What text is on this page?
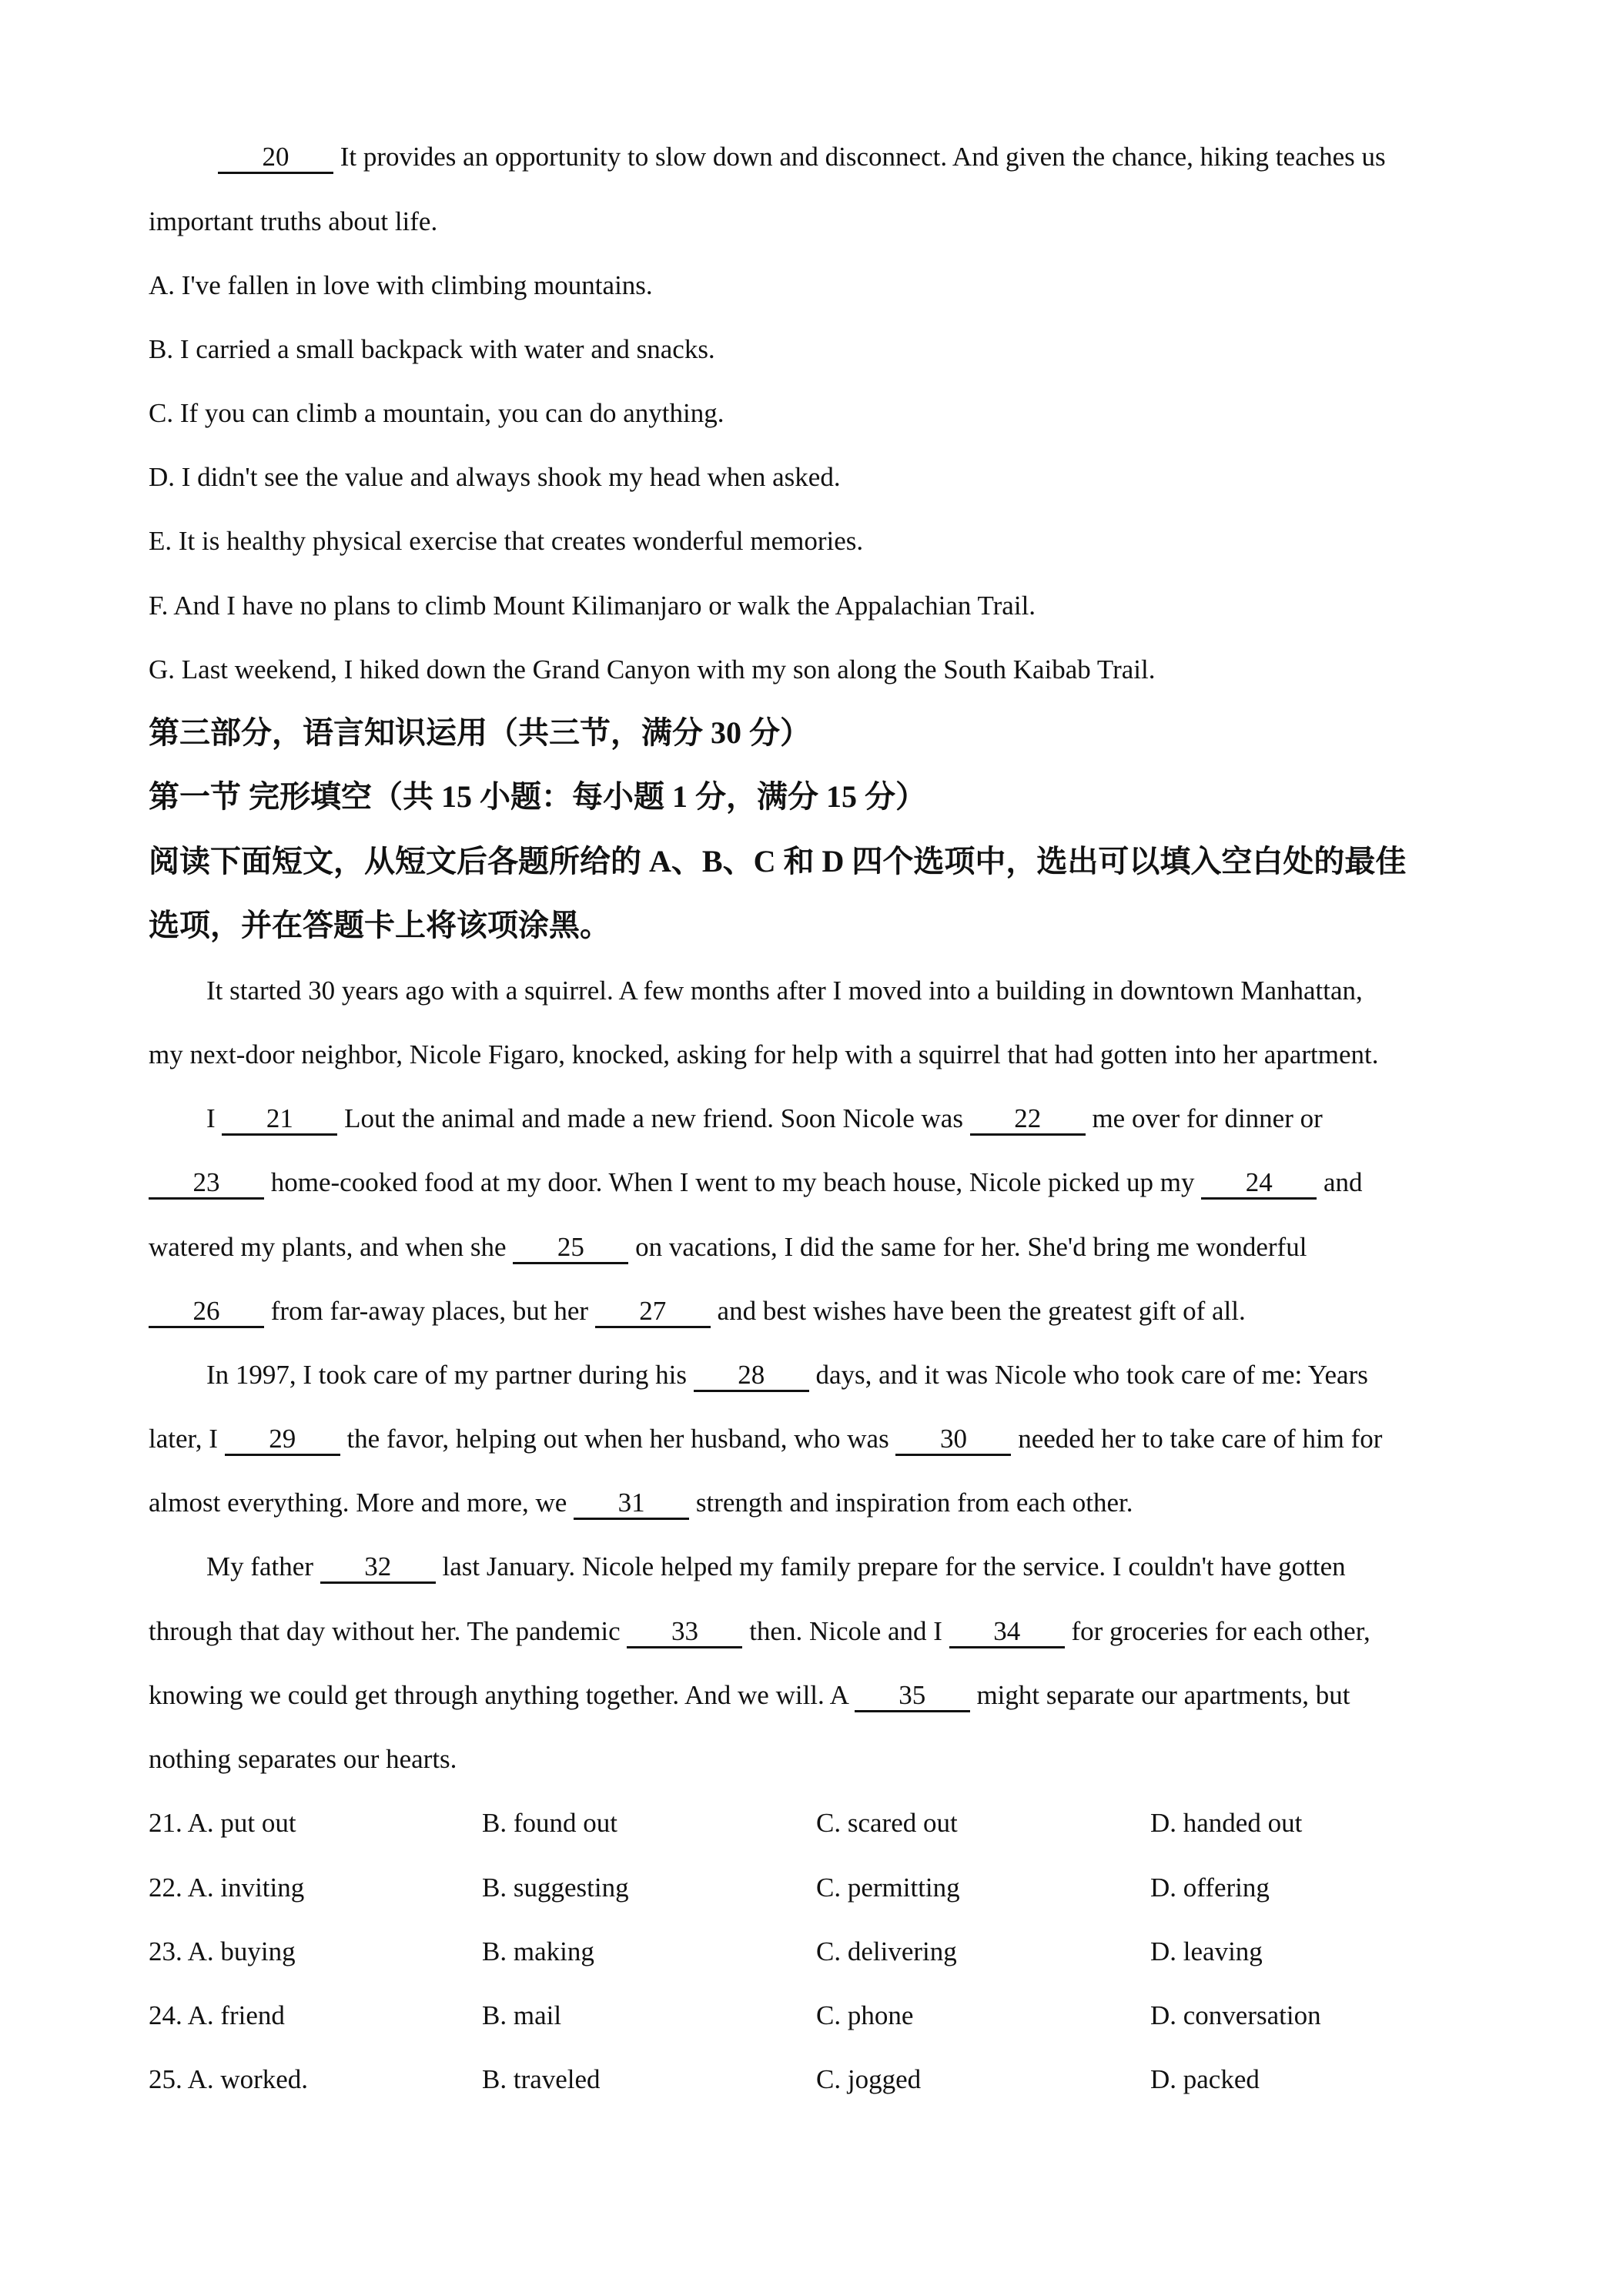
20 It provides an opportunity to slow down and disconnect. And given the chance, hiking teaches us
important truths about life.
A. I've fallen in love with climbing mountains.
B. I carried a small backpack with water and snacks.
C. If you can climb a mountain, you can do anything.
D. I didn't see the value and always shook my head when asked.
E. It is healthy physical exercise that creates wonderful memories.
F. And I have no plans to climb Mount Kilimanjaro or walk the Appalachian Trail.
G. Last weekend, I hiked down the Grand Canyon with my son along the South Kaibab Trail.
第三部分，语言知识运用（共三节，满分 30 分）
第一节 完形填空（共 15 小题：每小题 1 分，满分 15 分）
阅读下面短文，从短文后各题所给的 A、B、C 和 D 四个选项中，选出可以填入空白处的最佳
选项，并在答题卡上将该项涂黑。
It started 30 years ago with a squirrel. A few months after I moved into a building in downtown Manhattan,
my next-door neighbor, Nicole Figaro, knocked, asking for help with a squirrel that had gotten into her apartment.
I 21 Lout the animal and made a new friend. Soon Nicole was 22 me over for dinner or
23 home-cooked food at my door. When I went to my beach house, Nicole picked up my 24 and
watered my plants, and when she 25 on vacations, I did the same for her. She'd bring me wonderful
26 from far-away places, but her 27 and best wishes have been the greatest gift of all.
In 1997, I took care of my partner during his 28 days, and it was Nicole who took care of me: Years
later, I 29 the favor, helping out when her husband, who was 30 needed her to take care of him for
almost everything. More and more, we 31 strength and inspiration from each other.
My father 32 last January. Nicole helped my family prepare for the service. I couldn't have gotten
through that day without her. The pandemic 33 then. Nicole and I 34 for groceries for each other,
knowing we could get through anything together. And we will. A 35 might separate our apartments, but
nothing separates our hearts.
21. A. put out	B. found out	C. scared out	D. handed out
22. A. inviting	B. suggesting	C. permitting	D. offering
23. A. buying	B. making	C. delivering	D. leaving
24. A. friend	B. mail	C. phone	D. conversation
25. A. worked.	B. traveled	C. jogged	D. packed
